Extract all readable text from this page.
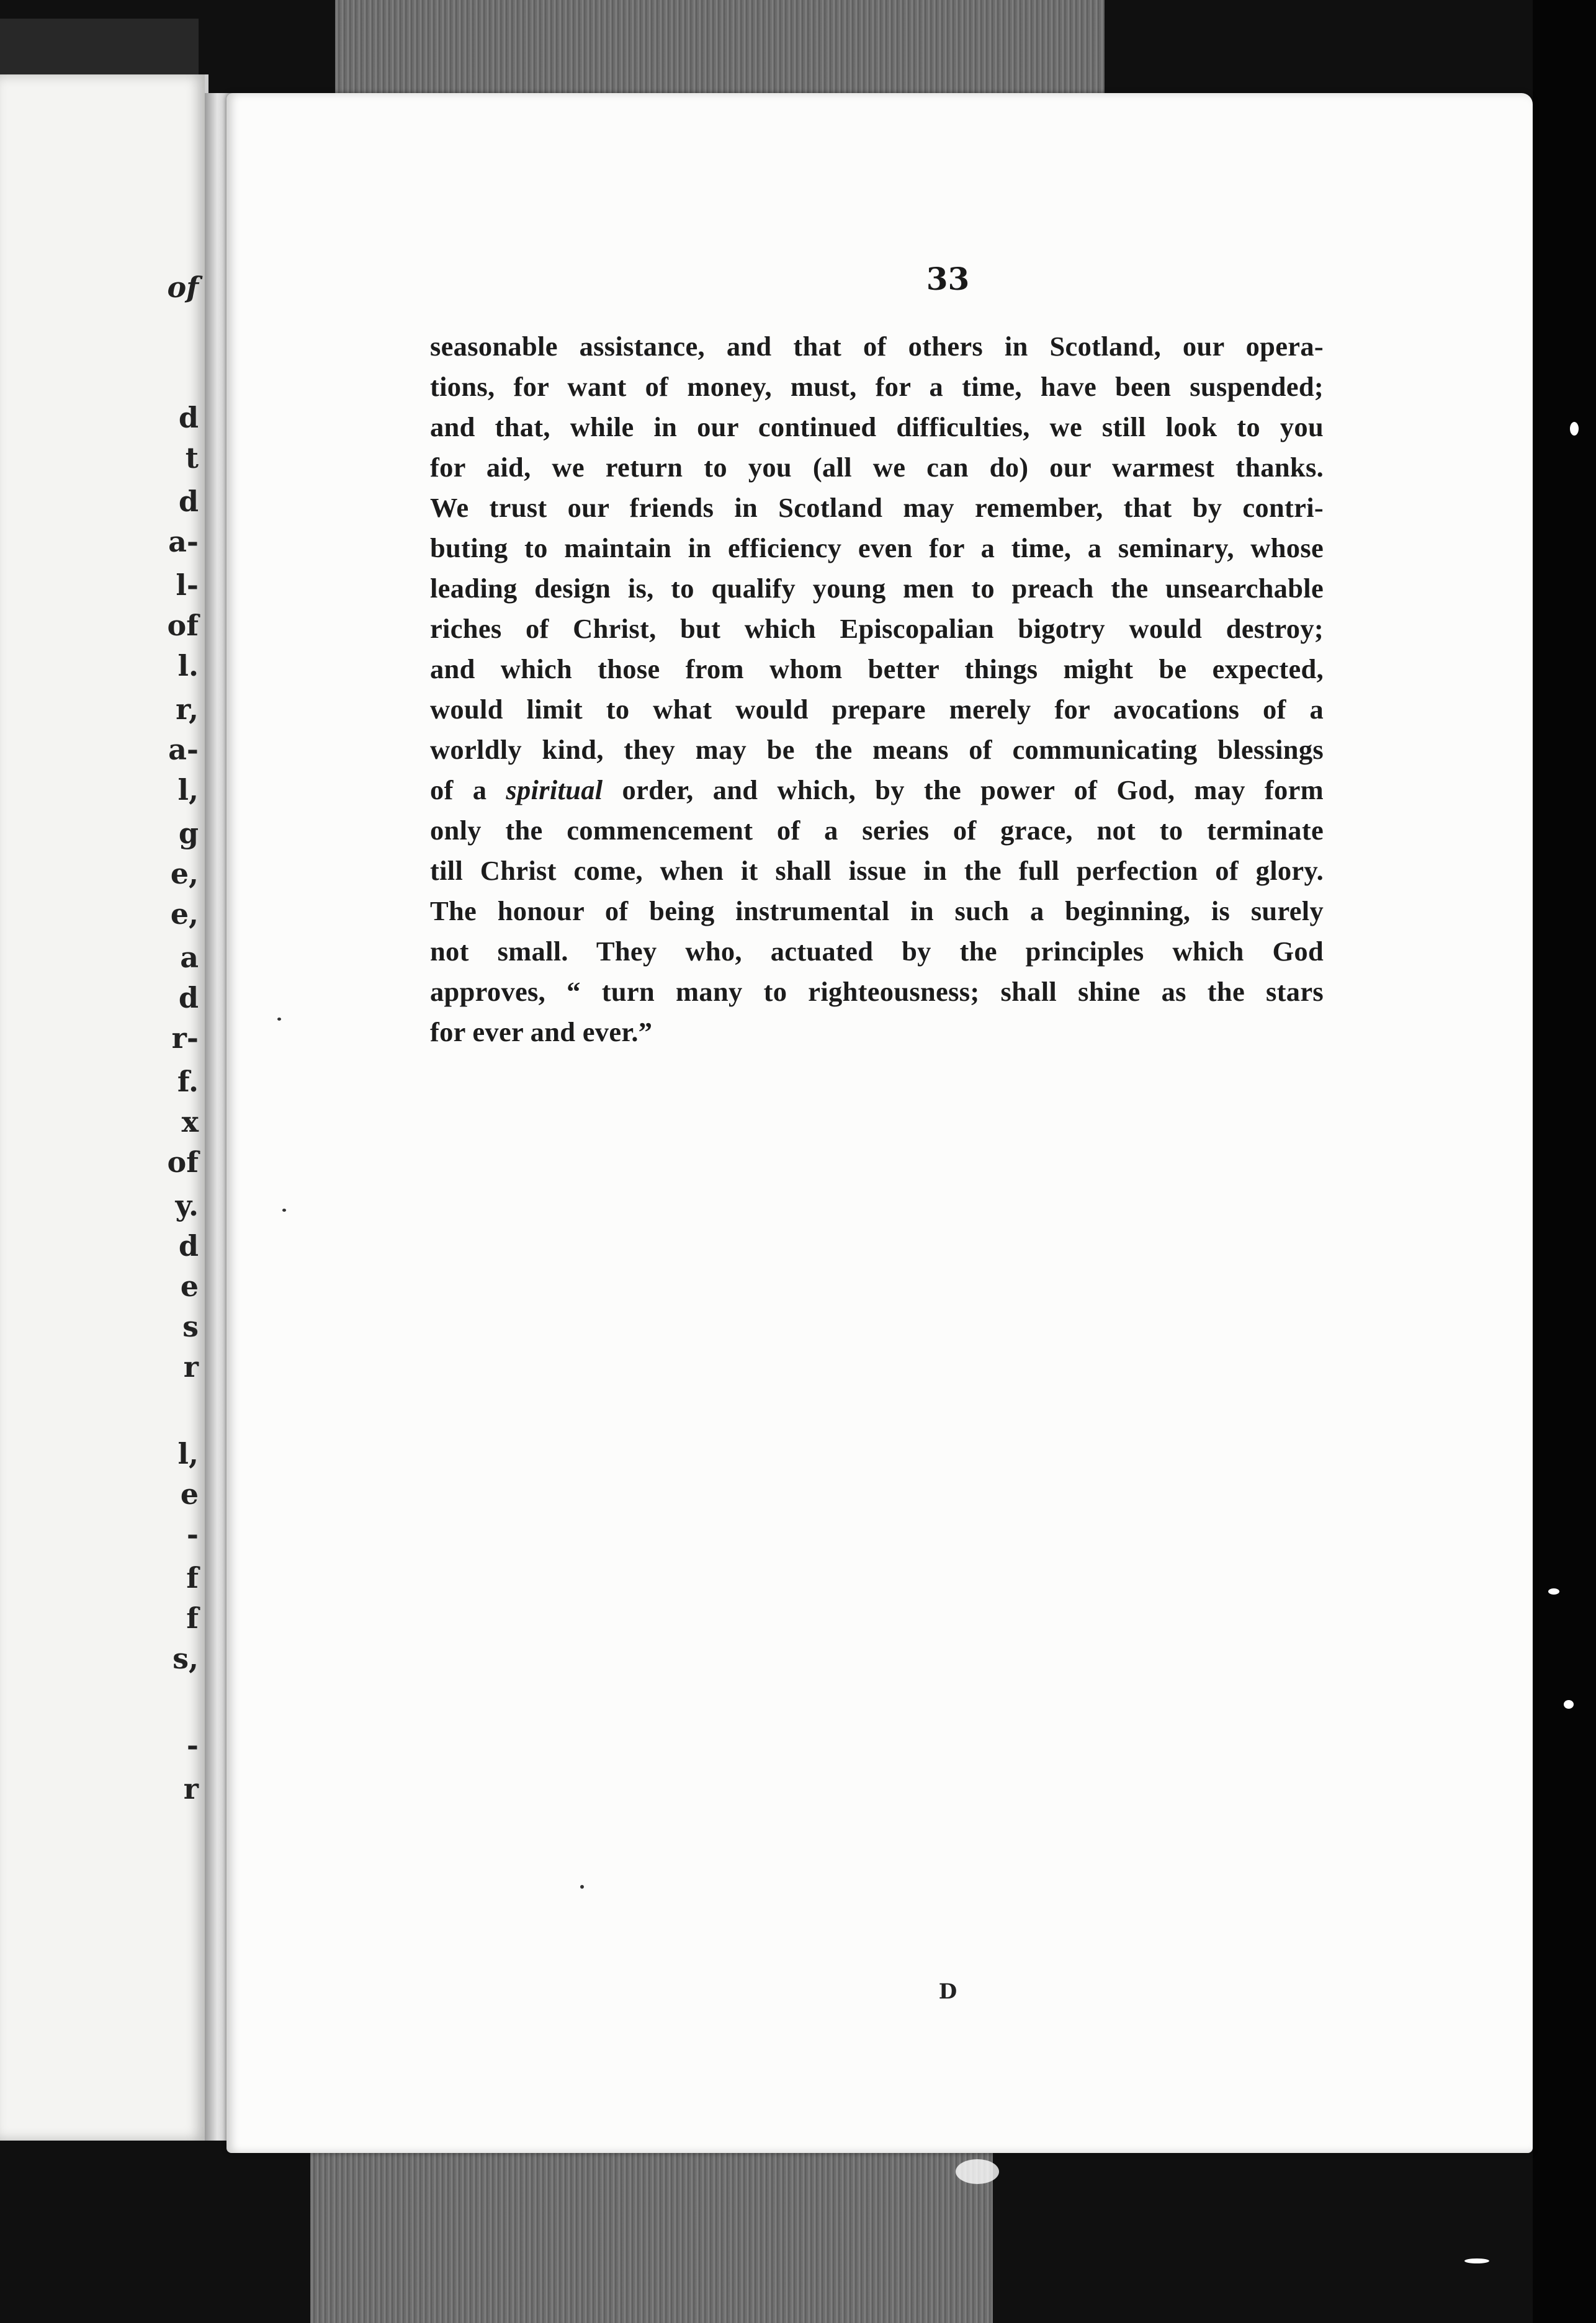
of
d
t
d
a-
l-
of
l.
r,
a-
l,
g
e,
e,
a
d
r-
f.
x
of
y.
d
e
s
r
l,
e
-
f
f
s,
-
r
33
seasonable assistance, and that of others in Scotland, our opera-
tions, for want of money, must, for a time, have been suspended;
and that, while in our continued difficulties, we still look to you
for aid, we return to you (all we can do) our warmest thanks.
We trust our friends in Scotland may remember, that by contri-
buting to maintain in efficiency even for a time, a seminary, whose
leading design is, to qualify young men to preach the unsearchable
riches of Christ, but which Episcopalian bigotry would destroy;
and which those from whom better things might be expected,
would limit to what would prepare merely for avocations of a
worldly kind, they may be the means of communicating blessings
of a spiritual order, and which, by the power of God, may form
only the commencement of a series of grace, not to terminate
till Christ come, when it shall issue in the full perfection of glory.
The honour of being instrumental in such a beginning, is surely
not small. They who, actuated by the principles which God
approves, “ turn many to righteousness; shall shine as the stars
for ever and ever.”
D
